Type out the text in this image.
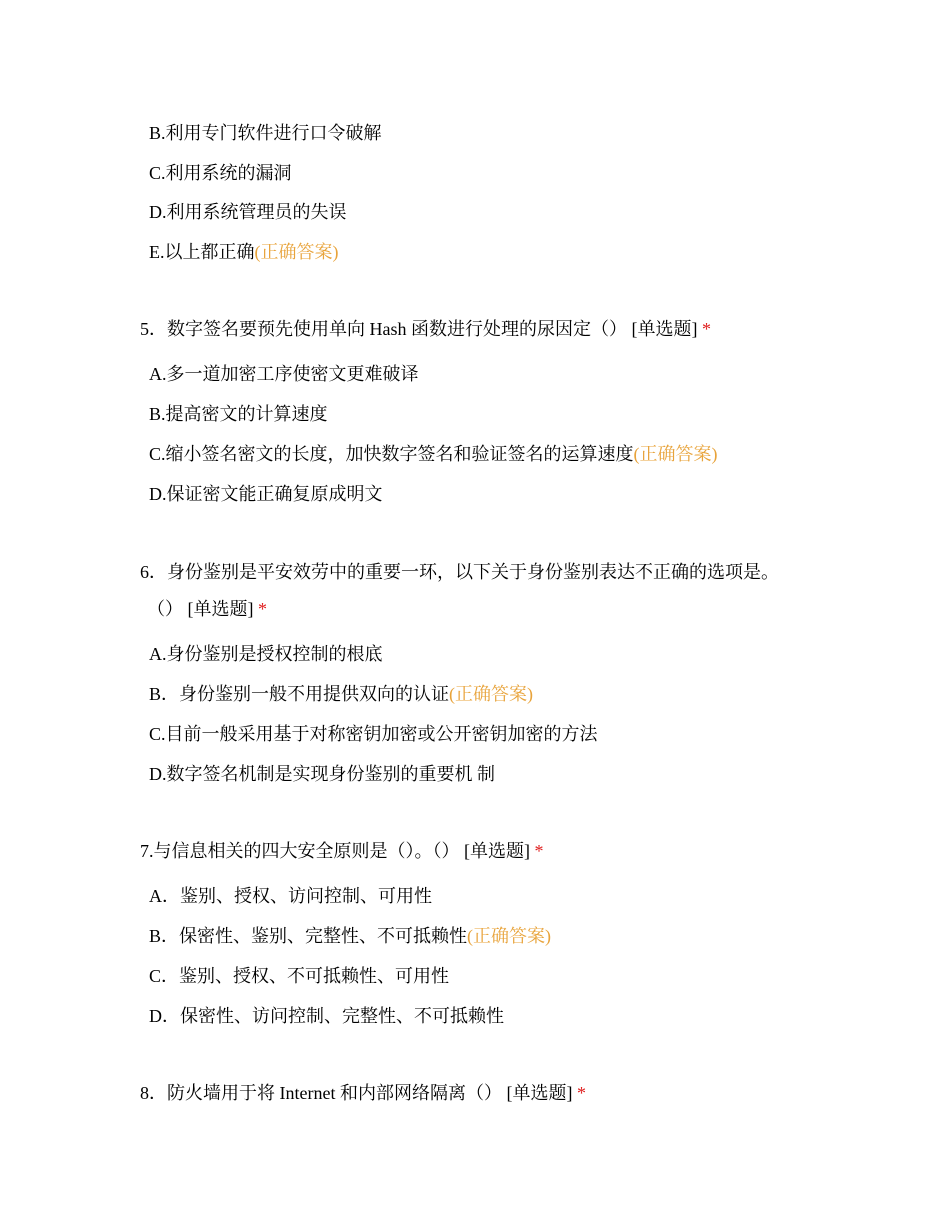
B.利用专门软件进行口令破解
C.利用系统的漏洞
D.利用系统管理员的失误
E.以上都正确(正确答案)
5．数字签名要预先使用单向 Hash 函数进行处理的尿因定（） [单选题] *
A.多一道加密工序使密文更难破译
B.提高密文的计算速度
C.缩小签名密文的长度，加快数字签名和验证签名的运算速度(正确答案)
D.保证密文能正确复原成明文
6．身份鉴别是平安效劳中的重要一环，以下关于身份鉴别表达不正确的选项是。
（） [单选题] *
A.身份鉴别是授权控制的根底
B．身份鉴别一般不用提供双向的认证(正确答案)
C.目前一般采用基于对称密钥加密或公开密钥加密的方法
D.数字签名机制是实现身份鉴别的重要机 制
7.与信息相关的四大安全原则是（）。（） [单选题] *
A．鉴别、授权、访问控制、可用性
B．保密性、鉴别、完整性、不可抵赖性(正确答案)
C．鉴别、授权、不可抵赖性、可用性
D．保密性、访问控制、完整性、不可抵赖性
8．防火墙用于将 Internet 和内部网络隔离（） [单选题] *
